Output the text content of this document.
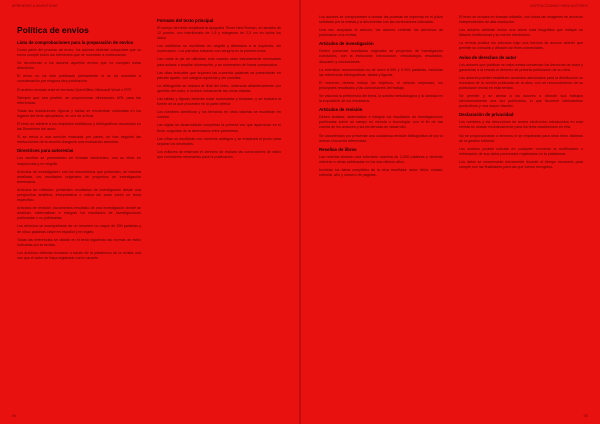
APRENDER A INVESTIGAR
Política de envíos
Lista de comprobaciones para la preparación de envíos

Como parte del proceso de envío, los autores deberán comprobar que su envío cumple todos los elementos que se muestran a continuación.

Se devolverán a los autores aquellos envíos que no cumplan estas directrices.

El envío no ha sido publicado previamente ni se ha sometido a consideración por ninguna otra publicación.

El archivo enviado está en formato OpenOffice, Microsoft Word o RTF.

Siempre que sea posible, se proporcionan direcciones URL para las referencias.

Todas las ilustraciones, figuras y tablas se encuentran colocadas en los lugares del texto apropiados, en vez de al final.

El texto se adhiere a los requisitos estilísticos y bibliográficos resumidos en las Directrices del autor.

Si se envía a una sección evaluada por pares, se han seguido las instrucciones de la sección Asegurar una evaluación anónima.

Directrices para autores/as

Los escritos se presentarán en formato electrónico, con su título en mayúsculas y en negrita.

Artículos de investigación: son los documentos que presentan, de manera detallada, los resultados originales de proyectos de investigación terminados.

Artículos de reflexión: presentan resultados de investigación desde una perspectiva analítica, interpretativa o crítica del autor sobre un tema específico.

Artículos de revisión: documentos resultado de una investigación donde se analizan, sistematizan e integran los resultados de investigaciones publicadas o no publicadas.

Los artículos se acompañarán de un resumen no mayor de 250 palabras y de cinco palabras clave en español y en inglés.

Todas las referencias se citarán en el texto siguiendo las normas de estilo indicadas por la revista.

Los archivos deberán enviarse a través de la plataforma de la revista una vez que el autor se haya registrado como usuario.

Formato del texto principal

El cuerpo del texto empleará la tipografía Times New Roman, en tamaño de 12 puntos, con interlineado de 1,5 y márgenes de 2,5 cm en todos los lados.

Los subtítulos se escribirán en negrita y alineados a la izquierda, sin numeración. Los párrafos iniciarán con sangría en la primera línea.

Las notas al pie se utilizarán solo cuando sean estrictamente necesarias para aclarar o ampliar información, y se numerarán de forma consecutiva.

Las citas textuales que superen las cuarenta palabras se presentarán en párrafo aparte, con sangría izquierda y sin comillas.

La bibliografía se ubicará al final del texto, ordenada alfabéticamente por apellido del autor, e incluirá únicamente las obras citadas.

Las tablas y figuras deberán estar numeradas y tituladas, y se indicará la fuente de la que proceden en la parte inferior.

Los nombres científicos y los términos en otros idiomas se escribirán en cursiva.

Las siglas se desarrollarán completas la primera vez que aparezcan en el texto, seguidas de la abreviatura entre paréntesis.

Las cifras se escribirán con números arábigos y se empleará el punto para separar los decimales.

Los editores se reservan el derecho de realizar las correcciones de estilo que consideren necesarias para la publicación.

94
INSTRUCCIONES PARA AUTORES

Los autores se comprometen a revisar las pruebas de imprenta en el plazo señalado por la revista y a devolverlas con las correcciones indicadas.

Una vez aceptado el artículo, los autores cederán los derechos de publicación a la revista.

Artículos de investigación

Deben presentar resultados originales de proyectos de investigación concluidos, con la estructura: introducción, metodología, resultados, discusión y conclusiones.

La extensión recomendada es de entre 6.000 y 9.000 palabras, incluidas las referencias bibliográficas, tablas y figuras.

El resumen deberá indicar los objetivos, el método empleado, los principales resultados y las conclusiones del trabajo.

Se valorará la pertinencia del tema, la solidez metodológica y la claridad en la exposición de los resultados.

Artículos de revisión

Deben analizar, sistematizar e integrar los resultados de investigaciones publicadas sobre un campo en ciencia o tecnología, con el fin de dar cuenta de los avances y las tendencias de desarrollo.

Se caracterizan por presentar una cuidadosa revisión bibliográfica de por lo menos cincuenta referencias.

Reseñas de libros

Las reseñas tendrán una extensión máxima de 2.000 palabras y deberán referirse a obras publicadas en los dos últimos años.

Incluirán los datos completos de la obra reseñada: autor, título, ciudad, editorial, año y número de páginas.

El texto se enviará en formato editable, con todas las imágenes en archivos independientes de alta resolución.

Los autores deberán incluir una breve nota biográfica que indique su filiación institucional y su correo electrónico.

La revista publica los artículos bajo una licencia de acceso abierto que permite su consulta y difusión sin fines comerciales.

Aviso de derechos de autor

Los autores que publican en esta revista conservan los derechos de autor y garantizan a la revista el derecho de primera publicación de su obra.

Los autores pueden establecer acuerdos adicionales para la distribución no exclusiva de la versión publicada de la obra, con un reconocimiento de su publicación inicial en esta revista.

Se permite y se anima a los autores a difundir sus trabajos electrónicamente una vez publicados, lo que favorece intercambios productivos y una mayor citación.

Declaración de privacidad

Los nombres y las direcciones de correo electrónico introducidos en esta revista se usarán exclusivamente para los fines establecidos en ella.

No se proporcionarán a terceros ni se emplearán para otros fines distintos de la gestión editorial.

Los autores podrán solicitar en cualquier momento la rectificación o eliminación de sus datos personales registrados en la plataforma.

Los datos se conservarán únicamente durante el tiempo necesario para cumplir con las finalidades para las que fueron recogidos.

95
